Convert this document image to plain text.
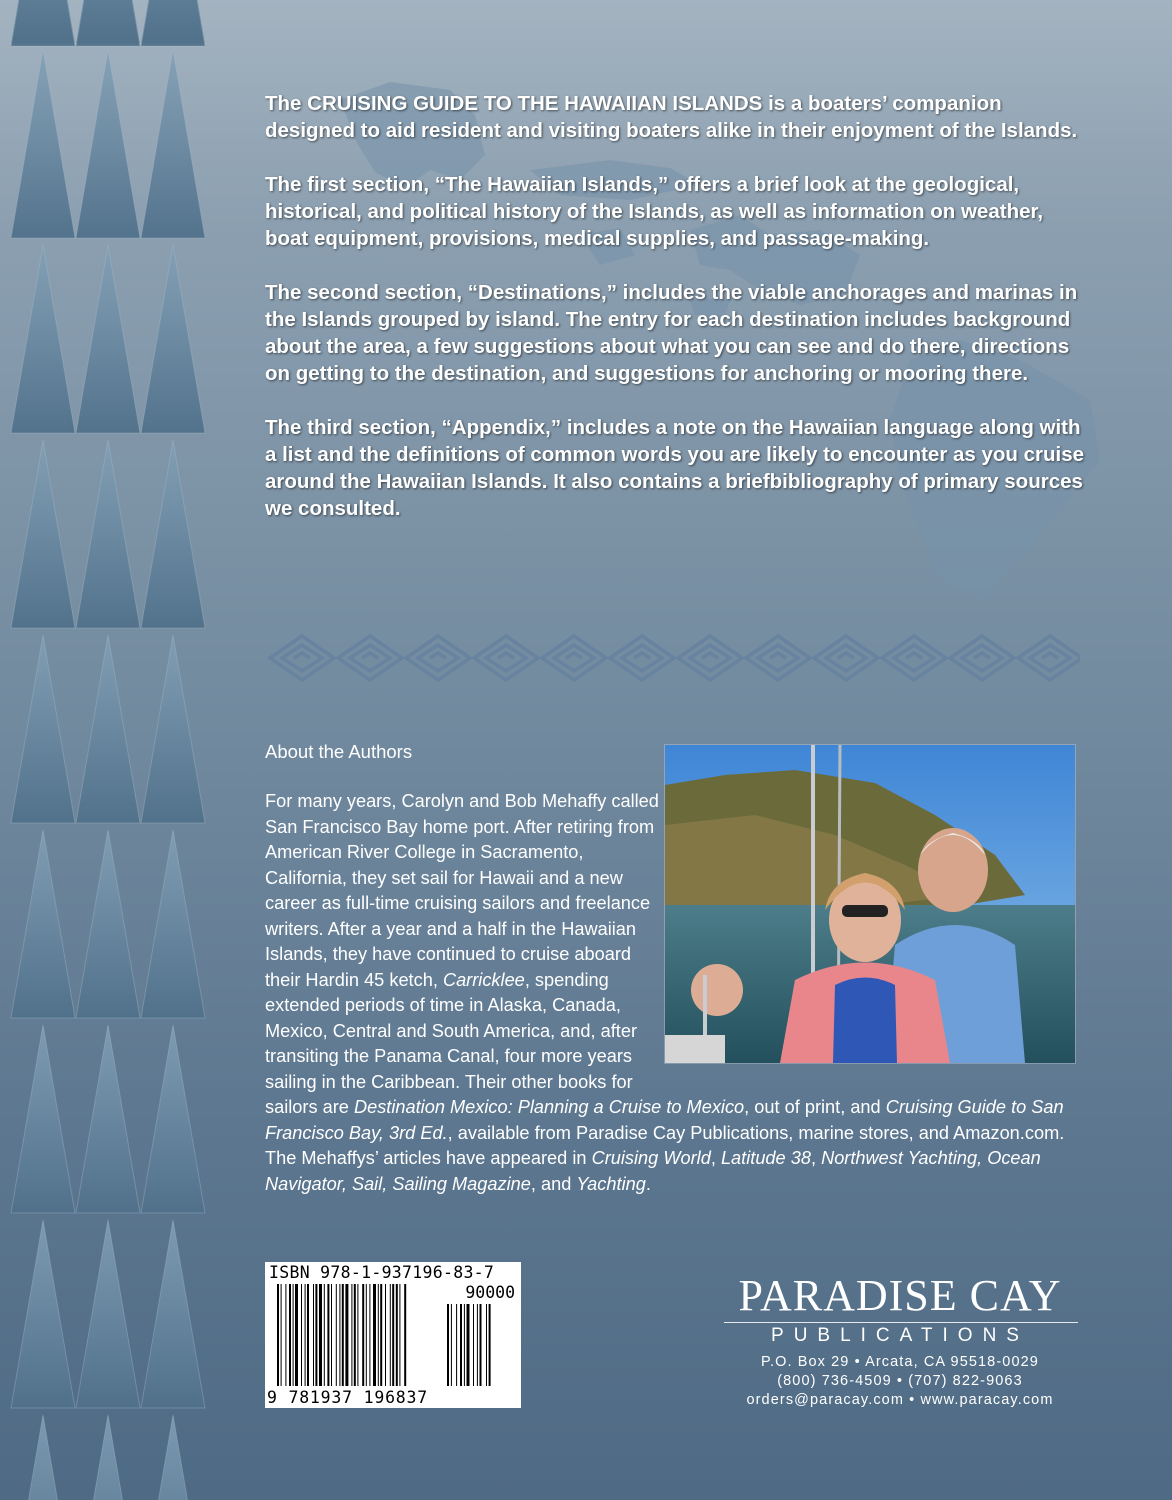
The CRUISING GUIDE TO THE HAWAIIAN ISLANDS is a boaters’ companion designed to aid resident and visiting boaters alike in their enjoyment of the Islands.

The first section, “The Hawaiian Islands,” offers a brief look at the geological, historical, and political history of the Islands, as well as information on weather, boat equipment, provisions, medical supplies, and passage-making.

The second section, “Destinations,” includes the viable anchorages and marinas in the Islands grouped by island. The entry for each destination includes background about the area, a few suggestions about what you can see and do there, directions on getting to the destination, and suggestions for anchoring or mooring there.

The third section, “Appendix,” includes a note on the Hawaiian language along with a list and the definitions of common words you are likely to encounter as you cruise around the Hawaiian Islands. It also contains a briefbibliography of primary sources we consulted.

About the Authors

For many years, Carolyn and Bob Mehaffy called San Francisco Bay home port. After retiring from American River College in Sacramento, California, they set sail for Hawaii and a new career as full-time cruising sailors and freelance writers. After a year and a half in the Hawaiian Islands, they have continued to cruise aboard their Hardin 45 ketch, Carricklee, spending extended periods of time in Alaska, Canada, Mexico, Central and South America, and, after transiting the Panama Canal, four more years sailing in the Caribbean. Their other books for sailors are Destination Mexico: Planning a Cruise to Mexico, out of print, and Cruising Guide to San Francisco Bay, 3rd Ed., available from Paradise Cay Publications, marine stores, and Amazon.com. The Mehaffys’ articles have appeared in Cruising World, Latitude 38, Northwest Yachting, Ocean Navigator, Sail, Sailing Magazine, and Yachting.

ISBN 978-1-937196-83-7
90000
9 781937 196837
PARADISE CAY
PUBLICATIONS
P.O. Box 29 • Arcata, CA 95518-0029
(800) 736-4509 • (707) 822-9063
orders@paracay.com • www.paracay.com
